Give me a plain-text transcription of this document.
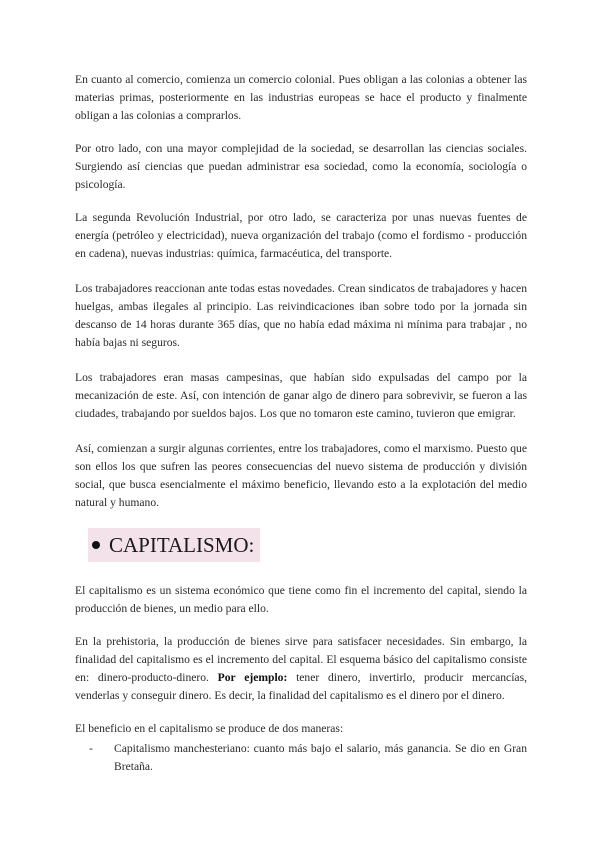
En cuanto al comercio, comienza un comercio colonial. Pues obligan a las colonias a obtener las materias primas, posteriormente en las industrias europeas se hace el producto y finalmente obligan a las colonias a comprarlos.

Por otro lado, con una mayor complejidad de la sociedad, se desarrollan las ciencias sociales. Surgiendo así ciencias que puedan administrar esa sociedad, como la economía, sociología o psicología.

La segunda Revolución Industrial, por otro lado, se caracteriza por unas nuevas fuentes de energía (petróleo y electricidad), nueva organización del trabajo (como el fordismo - producción en cadena), nuevas industrias: química, farmacéutica, del transporte.

Los trabajadores reaccionan ante todas estas novedades. Crean sindicatos de trabajadores y hacen huelgas, ambas ilegales al principio. Las reivindicaciones iban sobre todo por la jornada sin descanso de 14 horas durante 365 días, que no había edad máxima ni mínima para trabajar , no había bajas ni seguros.

Los trabajadores eran masas campesinas, que habían sido expulsadas del campo por la mecanización de este. Así, con intención de ganar algo de dinero para sobrevivir, se fueron a las ciudades, trabajando por sueldos bajos. Los que no tomaron este camino, tuvieron que emigrar.

Así, comienzan a surgir algunas corrientes, entre los trabajadores, como el marxismo. Puesto que son ellos los que sufren las peores consecuencias del nuevo sistema de producción y división social, que busca esencialmente el máximo beneficio, llevando esto a la explotación del medio natural y humano.

CAPITALISMO:

El capitalismo es un sistema económico que tiene como fin el incremento del capital, siendo la producción de bienes, un medio para ello.

En la prehistoria, la producción de bienes sirve para satisfacer necesidades. Sin embargo, la finalidad del capitalismo es el incremento del capital. El esquema básico del capitalismo consiste en: dinero-producto-dinero. Por ejemplo: tener dinero, invertirlo, producir mercancías, venderlas y conseguir dinero. Es decir, la finalidad del capitalismo es el dinero por el dinero.

El beneficio en el capitalismo se produce de dos maneras:

- Capitalismo manchesteriano: cuanto más bajo el salario, más ganancia. Se dio en Gran Bretaña.
